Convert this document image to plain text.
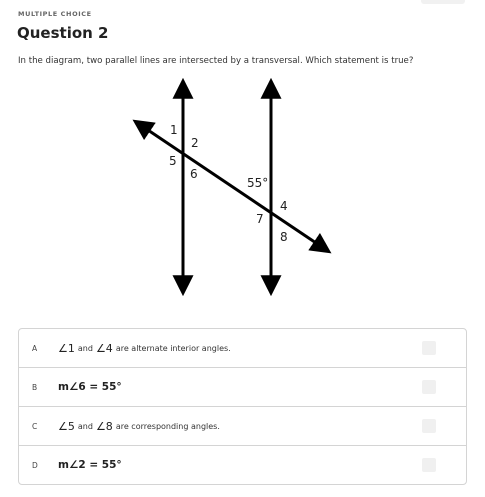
MULTIPLE CHOICE
Question 2
In the diagram, two parallel lines are intersected by a transversal. Which statement is true?
1
2
5
6
55°
4
7
8
A ∠1 and ∠4 are alternate interior angles.
B m∠6 = 55°
C ∠5 and ∠8 are corresponding angles.
D m∠2 = 55°
